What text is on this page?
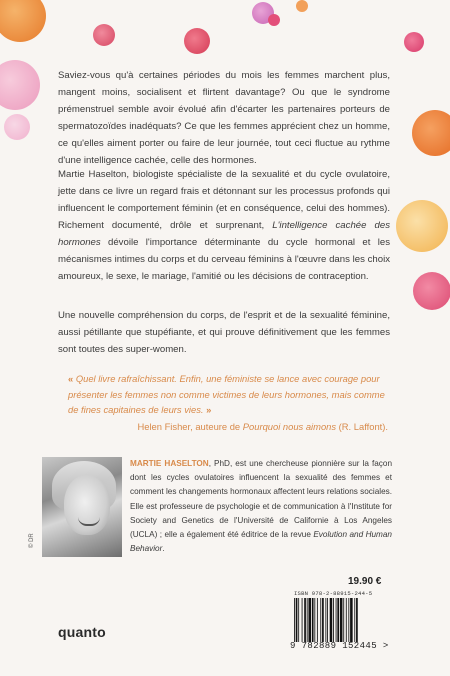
Saviez-vous qu'à certaines périodes du mois les femmes marchent plus, mangent moins, socialisent et flirtent davantage? Ou que le syndrome prémenstruel semble avoir évolué afin d'écarter les partenaires porteurs de spermatozoïdes inadéquats? Ce que les femmes apprécient chez un homme, ce qu'elles aiment porter ou faire de leur journée, tout ceci fluctue au rythme d'une intelligence cachée, celle des hormones.

Martie Haselton, biologiste spécialiste de la sexualité et du cycle ovulatoire, jette dans ce livre un regard frais et détonnant sur les processus profonds qui influencent le comportement féminin (et en conséquence, celui des hommes). Richement documenté, drôle et surprenant, L'intelligence cachée des hormones dévoile l'importance déterminante du cycle hormonal et les mécanismes intimes du corps et du cerveau féminins à l'œuvre dans les choix amoureux, le sexe, le mariage, l'amitié ou les décisions de contraception.

Une nouvelle compréhension du corps, de l'esprit et de la sexualité féminine, aussi pétillante que stupéfiante, et qui prouve définitivement que les femmes sont toutes des super-women.

« Quel livre rafraîchissant. Enfin, une féministe se lance avec courage pour présenter les femmes non comme victimes de leurs hormones, mais comme de fines capitaines de leurs vies. »
Helen Fisher, auteure de Pourquoi nous aimons (R. Laffont).
© DR
MARTIE HASELTON, PhD, est une chercheuse pionnière sur la façon dont les cycles ovulatoires influencent la sexualité des femmes et comment les changements hormonaux affectent leurs relations sociales. Elle est professeure de psychologie et de communication à l'Institute for Society and Genetics de l'Université de Californie à Los Angeles (UCLA) ; elle a également été éditrice de la revue Evolution and Human Behavior.
19.90 €
ISBN 978-2-88915-244-5
9 782889 152445 >
quanto
